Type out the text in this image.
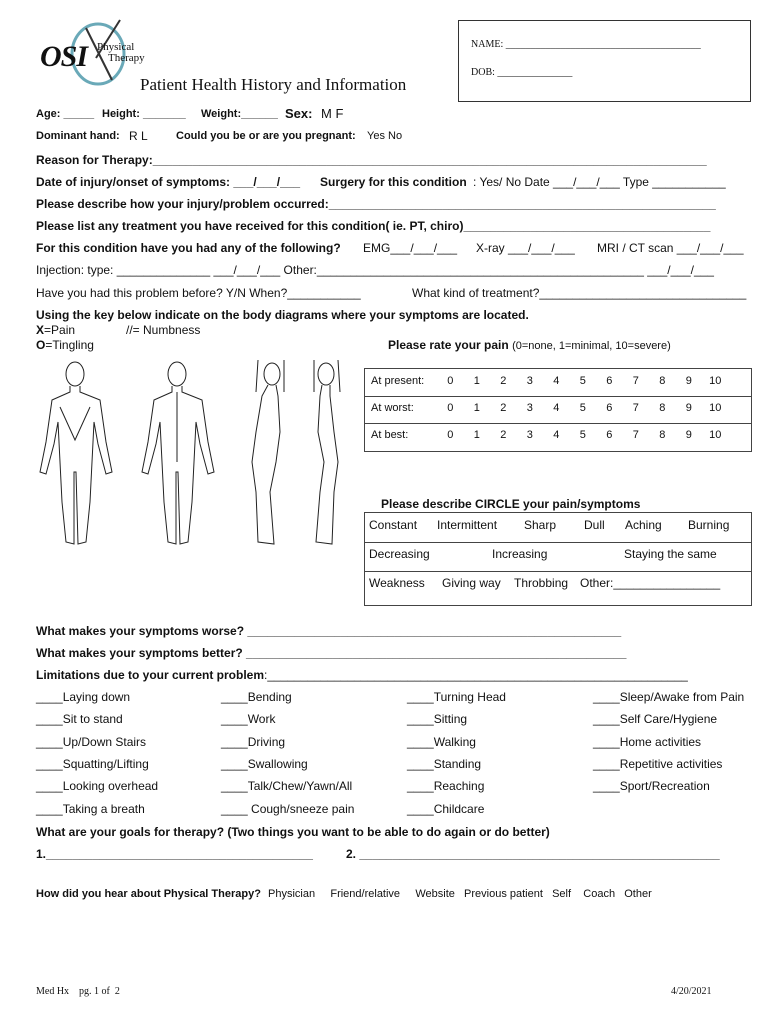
OSI Physical
Therapy
Patient Health History and Information
NAME: _______________________________________
DOB: _______________
Age: _____ Height: _______ Weight:______ Sex: M F
Dominant hand: R L	Could you be or are you pregnant: Yes No
Reason for Therapy:___________________________________________________________________________________
Date of injury/onset of symptoms: ___/___/___ Surgery for this condition : Yes/ No Date ___/___/___ Type ___________
Please describe how your injury/problem occurred:__________________________________________________________
Please list any treatment you have received for this condition( ie. PT, chiro)_____________________________________
For this condition have you had any of the following? EMG___/___/___ X-ray ___/___/___ MRI / CT scan ___/___/___
Injection: type: ______________ ___/___/___ Other:_________________________________________________ ___/___/___
Have you had this problem before? Y/N When?___________	What kind of treatment?_______________________________
Using the key below indicate on the body diagrams where your symptoms are located.
X=Pain	//= Numbness
O=Tingling	Please rate your pain (0=none, 1=minimal, 10=severe)
At present:	0	1	2	3	4	5	6	7	8	9	10
At worst:	0	1	2	3	4	5	6	7	8	9	10
At best:	0	1	2	3	4	5	6	7	8	9	10
Please describe CIRCLE your pain/symptoms
Constant Intermittent Sharp Dull Aching Burning
Decreasing	Increasing	Staying the same
Weakness Giving way Throbbing Other:________________
What makes your symptoms worse? ________________________________________________________
What makes your symptoms better? _________________________________________________________
Limitations due to your current problem:_______________________________________________________________
____Laying down	____Bending	____Turning Head	____Sleep/Awake from Pain
____Sit to stand	____Work	____Sitting	____Self Care/Hygiene
____Up/Down Stairs	____Driving	____Walking	____Home activities
____Squatting/Lifting	____Swallowing	____Standing	____Repetitive activities
____Looking overhead	____Talk/Chew/Yawn/All	____Reaching	____Sport/Recreation
____Taking a breath	____ Cough/sneeze pain	____Childcare
What are your goals for therapy? (Two things you want to be able to do again or do better)
1.________________________________________	2. ______________________________________________________
How did you hear about Physical Therapy? Physician     Friend/relative     Website   Previous patient   Self    Coach   Other
Med Hx    pg. 1 of  2	4/20/2021
